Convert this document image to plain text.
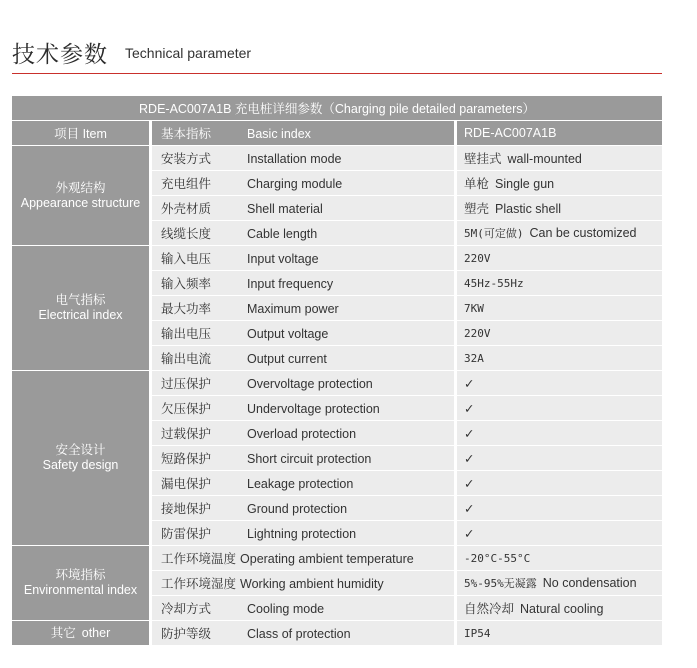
技术参数 Technical parameter
RDE-AC007A1B 充电桩详细参数（Charging pile detailed parameters）		
项目 Item	基本指标 Basic index	RDE-AC007A1B

外观结构
Appearance structure	安装方式 Installation mode	壁挂式 wall-mounted
	充电组件 Charging module	单枪 Single gun
	外壳材质 Shell material	塑壳 Plastic shell
	线缆长度 Cable length	5M(可定做) Can be customized

电气指标
Electrical index	输入电压 Input voltage	220V
	输入频率 Input frequency	45Hz-55Hz
	最大功率 Maximum power	7KW
	输出电压 Output voltage	220V
	输出电流 Output current	32A

安全设计
Safety design	过压保护 Overvoltage protection	✓
	欠压保护 Undervoltage protection	✓
	过载保护 Overload protection	✓
	短路保护 Short circuit protection	✓
	漏电保护 Leakage protection	✓
	接地保护 Ground protection	✓
	防雷保护 Lightning protection	✓

环境指标
Environmental index	工作环境温度 Operating ambient temperature	-20°C-55°C
	工作环境湿度 Working ambient humidity	5%-95%无凝露 No condensation
	冷却方式 Cooling mode	自然冷却 Natural cooling
其它 other	防护等级 Class of protection	IP54
